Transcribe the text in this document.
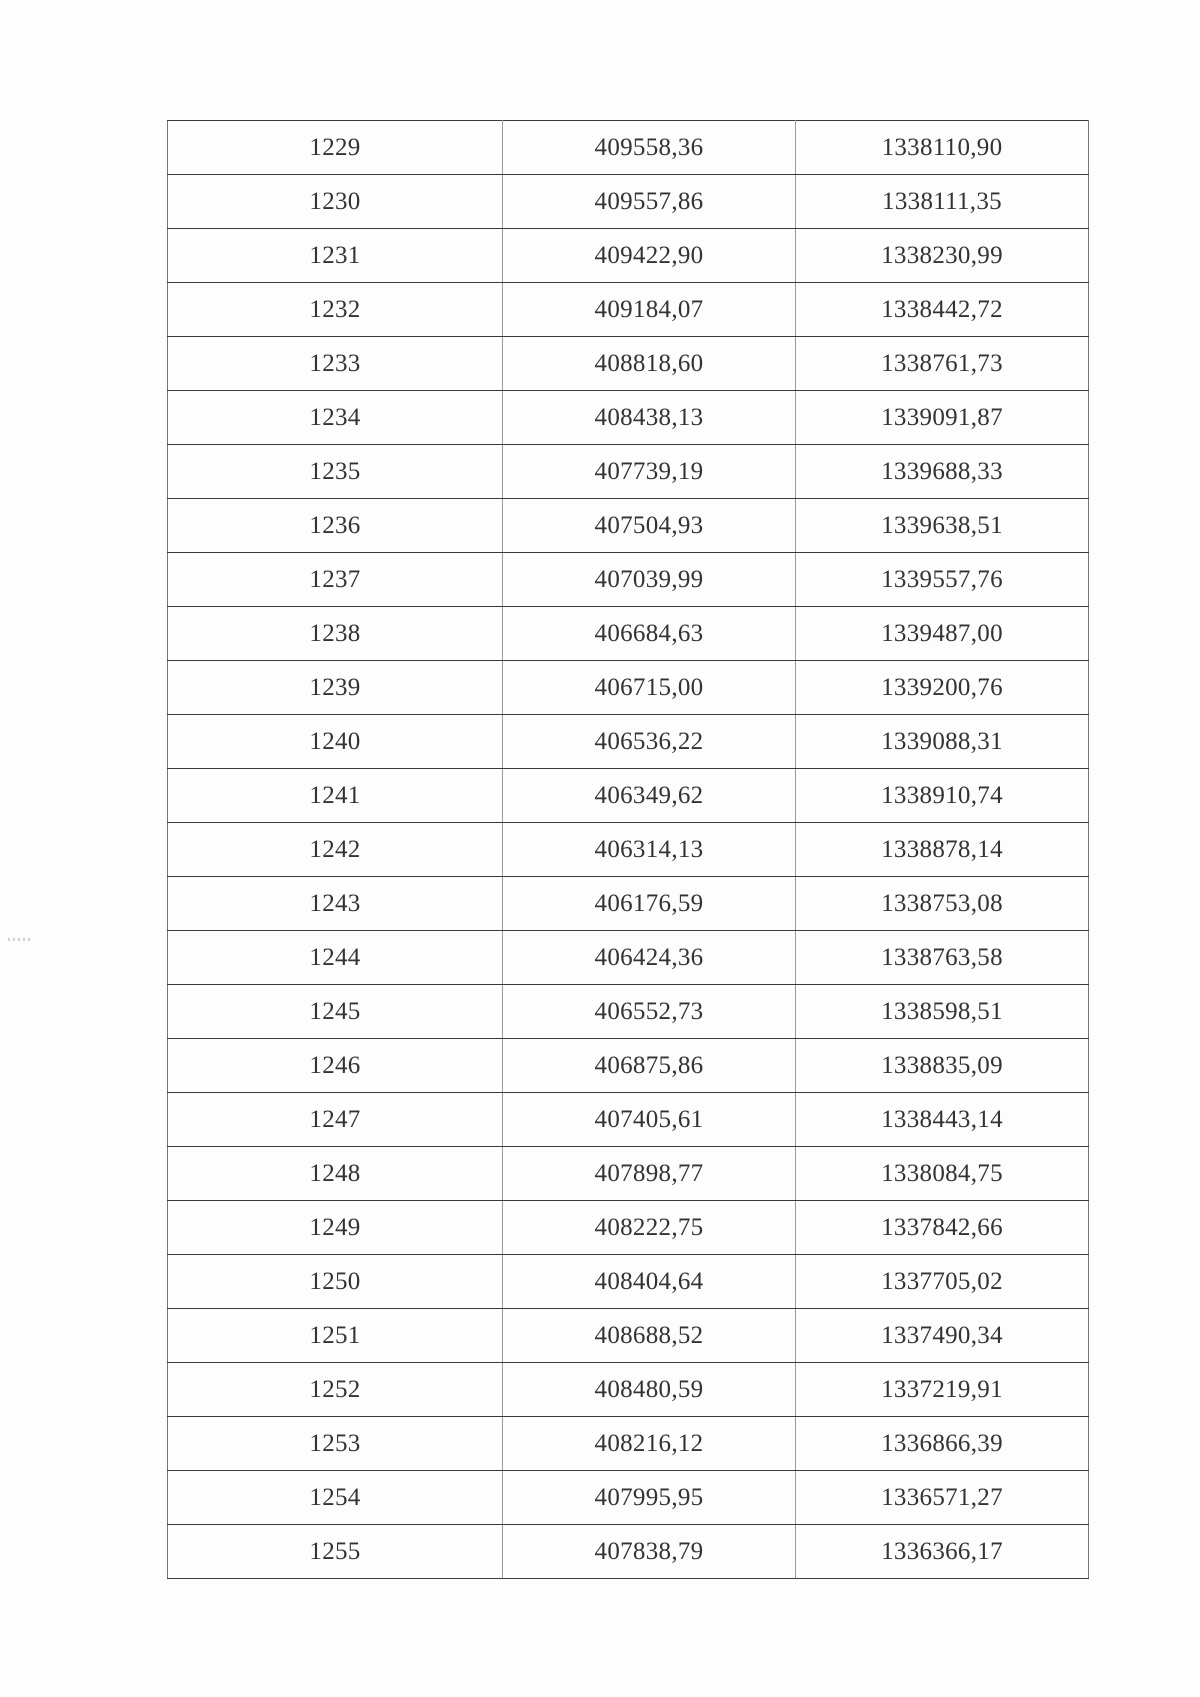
1229	409558,36	1338110,90
1230	409557,86	1338111,35
1231	409422,90	1338230,99
1232	409184,07	1338442,72
1233	408818,60	1338761,73
1234	408438,13	1339091,87
1235	407739,19	1339688,33
1236	407504,93	1339638,51
1237	407039,99	1339557,76
1238	406684,63	1339487,00
1239	406715,00	1339200,76
1240	406536,22	1339088,31
1241	406349,62	1338910,74
1242	406314,13	1338878,14
1243	406176,59	1338753,08
1244	406424,36	1338763,58
1245	406552,73	1338598,51
1246	406875,86	1338835,09
1247	407405,61	1338443,14
1248	407898,77	1338084,75
1249	408222,75	1337842,66
1250	408404,64	1337705,02
1251	408688,52	1337490,34
1252	408480,59	1337219,91
1253	408216,12	1336866,39
1254	407995,95	1336571,27
1255	407838,79	1336366,17
